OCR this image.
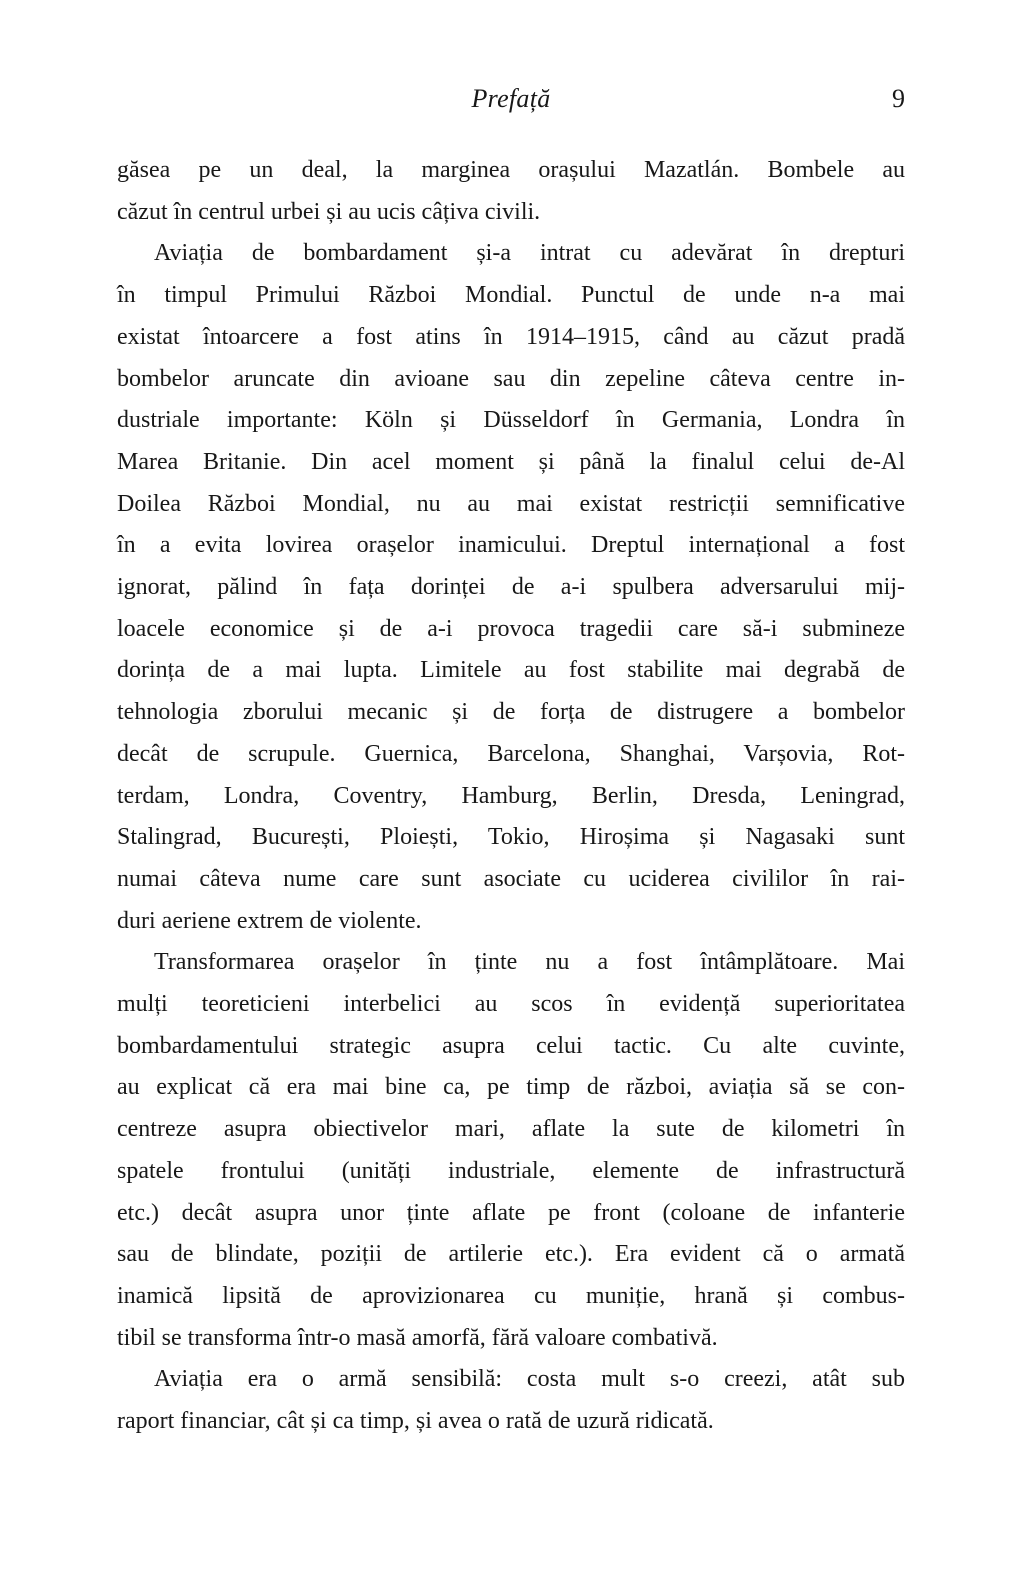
Prefață	9
găsea pe un deal, la marginea orașului Mazatlán. Bombele au
căzut în centrul urbei și au ucis câțiva civili.
Aviația de bombardament și-a intrat cu adevărat în drepturi
în timpul Primului Război Mondial. Punctul de unde n-a mai
existat întoarcere a fost atins în 1914–1915, când au căzut pradă
bombelor aruncate din avioane sau din zepeline câteva centre in-
dustriale importante: Köln și Düsseldorf în Germania, Londra în
Marea Britanie. Din acel moment și până la finalul celui de-Al
Doilea Război Mondial, nu au mai existat restricții semnificative
în a evita lovirea orașelor inamicului. Dreptul internațional a fost
ignorat, pălind în fața dorinței de a-i spulbera adversarului mij-
loacele economice și de a-i provoca tragedii care să-i submineze
dorința de a mai lupta. Limitele au fost stabilite mai degrabă de
tehnologia zborului mecanic și de forța de distrugere a bombelor
decât de scrupule. Guernica, Barcelona, Shanghai, Varșovia, Rot-
terdam, Londra, Coventry, Hamburg, Berlin, Dresda, Leningrad,
Stalingrad, București, Ploiești, Tokio, Hiroșima și Nagasaki sunt
numai câteva nume care sunt asociate cu uciderea civililor în rai-
duri aeriene extrem de violente.
Transformarea orașelor în ținte nu a fost întâmplătoare. Mai
mulți teoreticieni interbelici au scos în evidență superioritatea
bombardamentului strategic asupra celui tactic. Cu alte cuvinte,
au explicat că era mai bine ca, pe timp de război, aviația să se con-
centreze asupra obiectivelor mari, aflate la sute de kilometri în
spatele frontului (unități industriale, elemente de infrastructură
etc.) decât asupra unor ținte aflate pe front (coloane de infanterie
sau de blindate, poziții de artilerie etc.). Era evident că o armată
inamică lipsită de aprovizionarea cu muniție, hrană și combus-
tibil se transforma într-o masă amorfă, fără valoare combativă.
Aviația era o armă sensibilă: costa mult s-o creezi, atât sub
raport financiar, cât și ca timp, și avea o rată de uzură ridicată.
